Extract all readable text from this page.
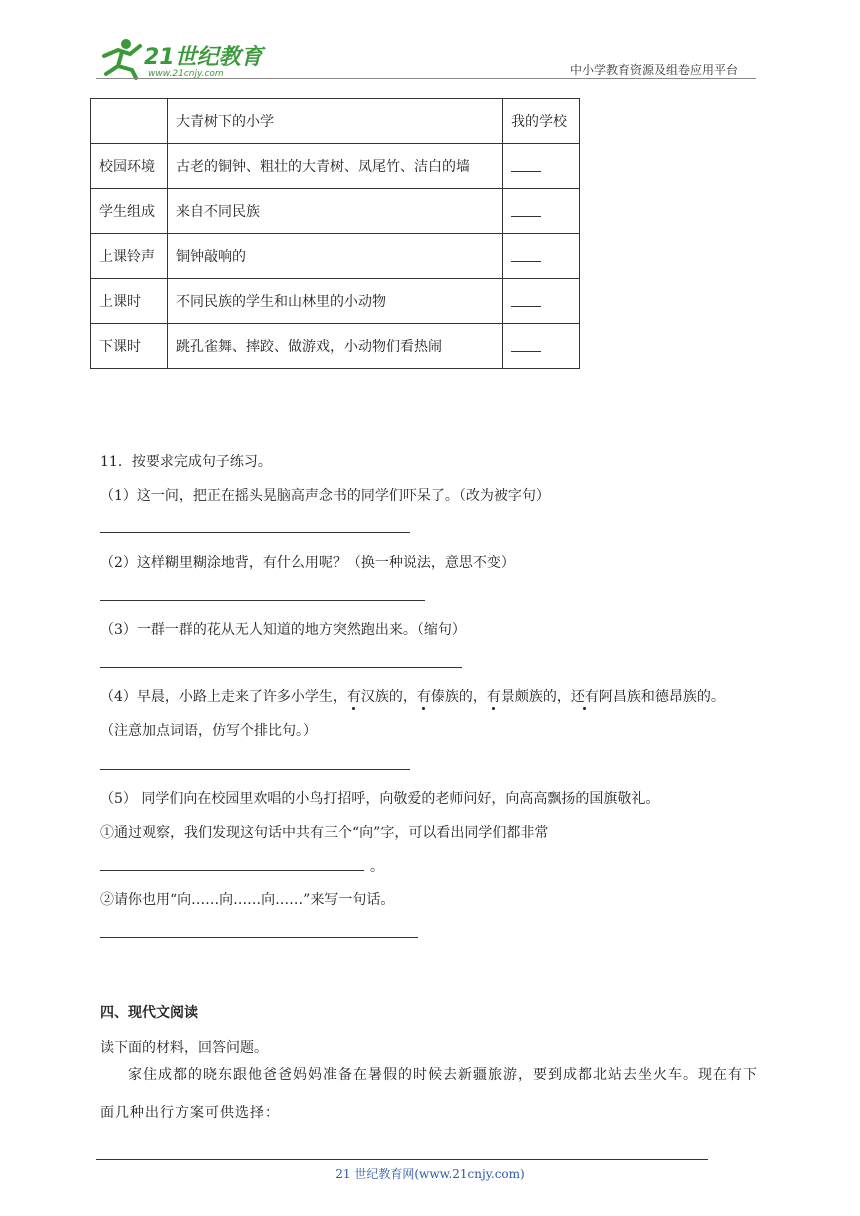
21世纪教育
www.21cnjy.com	中小学教育资源及组卷应用平台
	大青树下的小学	我的学校
校园环境	古老的铜钟、粗壮的大青树、凤尾竹、洁白的墙	
学生组成	来自不同民族	
上课铃声	铜钟敲响的	
上课时	不同民族的学生和山林里的小动物	
下课时	跳孔雀舞、摔跤、做游戏，小动物们看热闹	
11．按要求完成句子练习。
（1）这一问，把正在摇头晃脑高声念书的同学们吓呆了。（改为被字句）
（2）这样糊里糊涂地背，有什么用呢？（换一种说法，意思不变）
（3）一群一群的花从无人知道的地方突然跑出来。（缩句）
（4）早晨，小路上走来了许多小学生，有汉族的，有傣族的，有景颇族的，还有阿昌族和德昂族的。
（注意加点词语，仿写个排比句。）
（5） 同学们向在校园里欢唱的小鸟打招呼，向敬爱的老师问好，向高高飘扬的国旗敬礼。
①通过观察，我们发现这句话中共有三个“向”字，可以看出同学们都非常
。
②请你也用“向……向……向……”来写一句话。
四、现代文阅读
读下面的材料，回答问题。
家住成都的晓东跟他爸爸妈妈准备在暑假的时候去新疆旅游，要到成都北站去坐火车。现在有下面几种出行方案可供选择：
21 世纪教育网(www.21cnjy.com)
